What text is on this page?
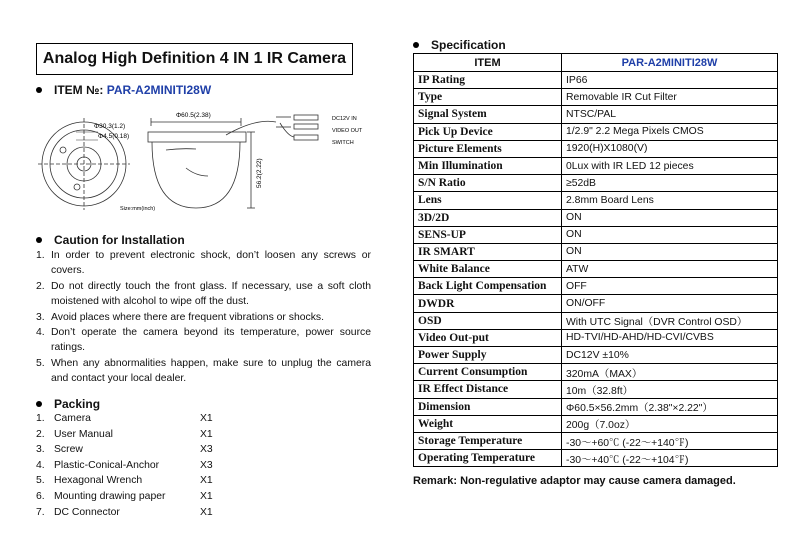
Analog High Definition 4 IN 1 IR Camera
ITEM №:
PAR-A2MINITI28W
Φ30.3(1.2)
Φ4.5(0.18)
Φ60.5(2.38)
56.2(2.22)
Size:mm(inch)
DC12V IN
VIDEO OUT
SWITCH
Caution for Installation
1. In order to prevent electronic shock, don’t loosen any screws or covers.
2. Do not directly touch the front glass. If necessary, use a soft cloth moistened with alcohol to wipe off the dust.
3. Avoid places where there are frequent vibrations or shocks.
4. Don’t operate the camera beyond its temperature, power source ratings.
5. When any abnormalities happen, make sure to unplug the camera and contact your local dealer.
Packing
1. Camera	X1
2. User Manual	X1
3. Screw	X3
4. Plastic-Conical-Anchor	X3
5. Hexagonal Wrench	X1
6. Mounting drawing paper	X1
7. DC Connector	X1
Specification
ITEM	PAR-A2MINITI28W
IP Rating	IP66
Type	Removable IR Cut Filter
Signal System	NTSC/PAL
Pick Up Device	1/2.9" 2.2 Mega Pixels CMOS
Picture Elements	1920(H)X1080(V)
Min Illumination	0Lux with IR LED 12 pieces
S/N Ratio	≥52dB
Lens	2.8mm Board Lens
3D/2D	ON
SENS-UP	ON
IR SMART	ON
White Balance	ATW
Back Light Compensation	OFF
DWDR	ON/OFF
OSD	With UTC Signal（DVR Control OSD）
Video Out-put	HD-TVI/HD-AHD/HD-CVI/CVBS
Power Supply	DC12V ±10%
Current Consumption	320mA（MAX）
IR Effect Distance	10m（32.8ft）
Dimension	Φ60.5×56.2mm（2.38"×2.22"）
Weight	200g（7.0oz）
Storage Temperature	-30～+60℃ (-22～+140℉)
Operating Temperature	-30～+40℃ (-22～+104℉)
Remark: Non-regulative adaptor may cause camera damaged.
